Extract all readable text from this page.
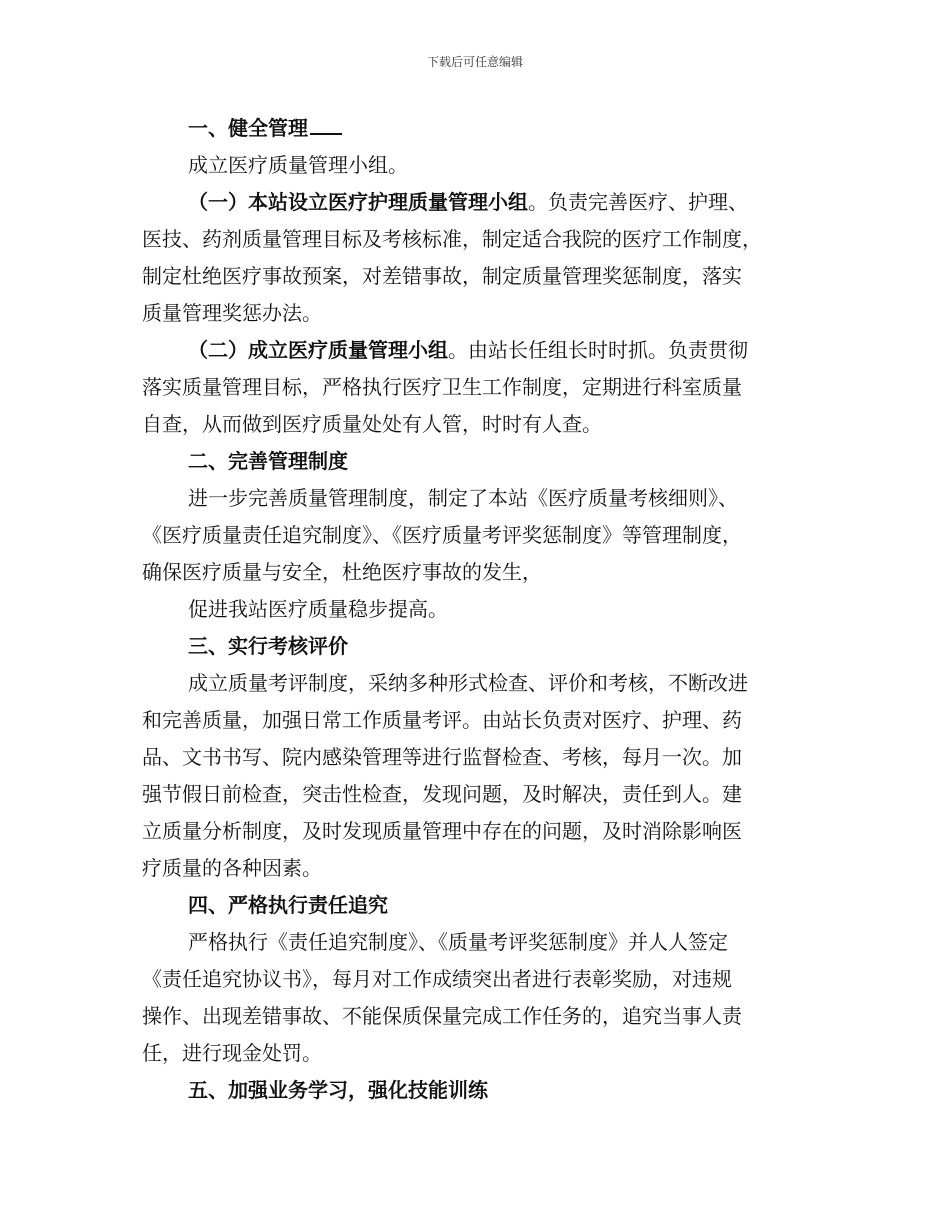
下载后可任意编辑
一、健全管理
成立医疗质量管理小组。
（一）本站设立医疗护理质量管理小组。负责完善医疗、护理、
医技、药剂质量管理目标及考核标准，制定适合我院的医疗工作制度，
制定杜绝医疗事故预案，对差错事故，制定质量管理奖惩制度，落实
质量管理奖惩办法。
（二）成立医疗质量管理小组。由站长任组长时时抓。负责贯彻
落实质量管理目标，严格执行医疗卫生工作制度，定期进行科室质量
自查，从而做到医疗质量处处有人管，时时有人查。
二、完善管理制度
进一步完善质量管理制度，制定了本站《医疗质量考核细则》、
《医疗质量责任追究制度》、《医疗质量考评奖惩制度》等管理制度，
确保医疗质量与安全，杜绝医疗事故的发生，
促进我站医疗质量稳步提高。
三、实行考核评价
成立质量考评制度，采纳多种形式检查、评价和考核，不断改进
和完善质量，加强日常工作质量考评。由站长负责对医疗、护理、药
品、文书书写、院内感染管理等进行监督检查、考核，每月一次。加
强节假日前检查，突击性检查，发现问题，及时解决，责任到人。建
立质量分析制度，及时发现质量管理中存在的问题，及时消除影响医
疗质量的各种因素。
四、严格执行责任追究
严格执行《责任追究制度》、《质量考评奖惩制度》并人人签定
《责任追究协议书》，每月对工作成绩突出者进行表彰奖励，对违规
操作、出现差错事故、不能保质保量完成工作任务的，追究当事人责
任，进行现金处罚。
五、加强业务学习，强化技能训练
